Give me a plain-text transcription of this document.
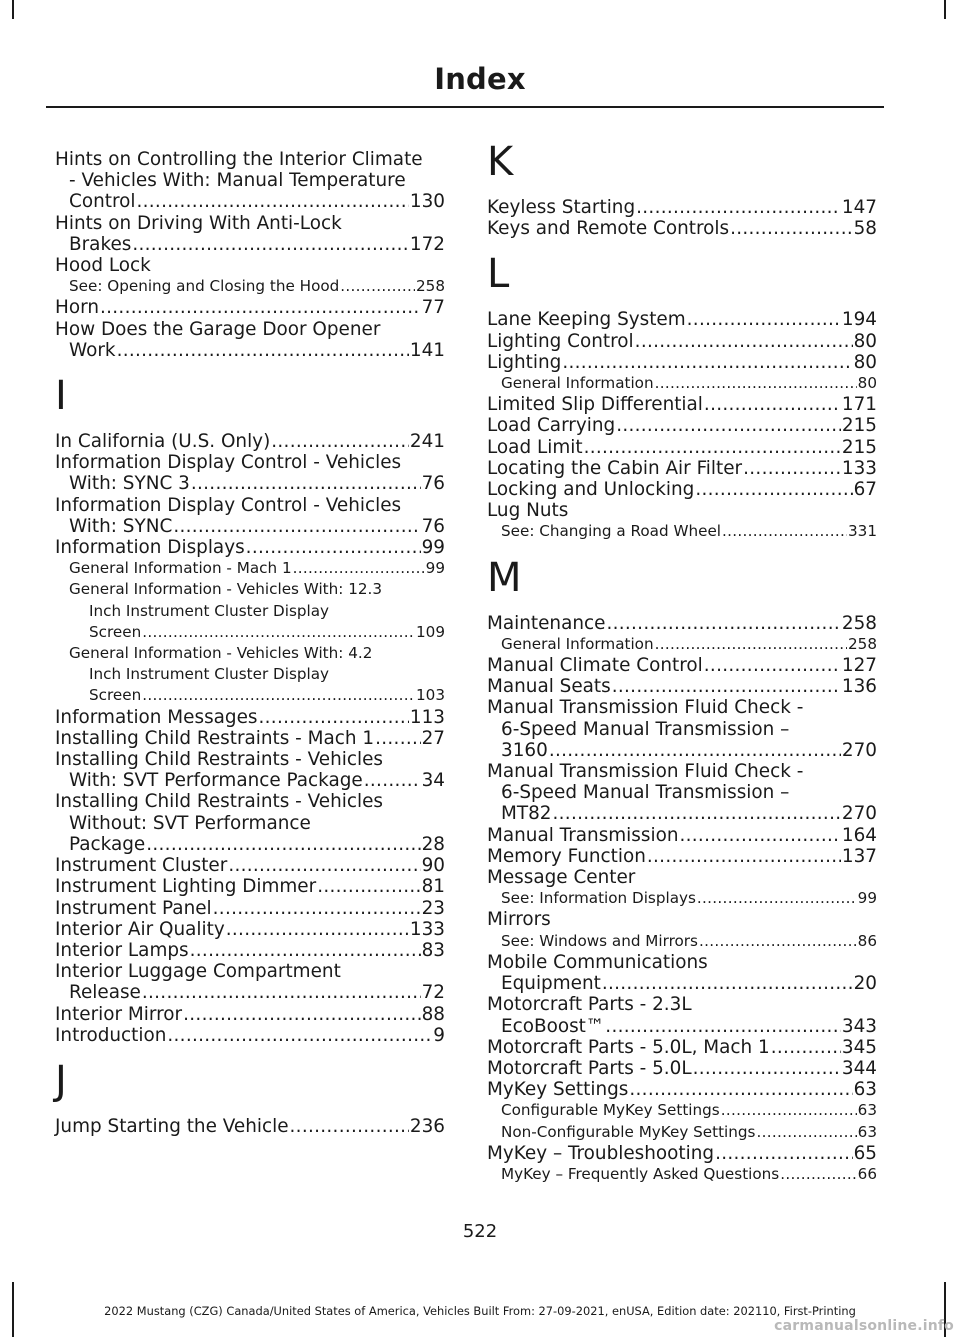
Index
Hints on Controlling the Interior Climate
- Vehicles With: Manual Temperature
Control .....	130
Hints on Driving With Anti-Lock
Brakes .....	172
Hood Lock
See: Opening and Closing the Hood .....	258
Horn .....	77
How Does the Garage Door Opener
Work .....	141
I
In California (U.S. Only) .....	241
Information Display Control - Vehicles
With: SYNC 3 .....	76
Information Display Control - Vehicles
With: SYNC .....	76
Information Displays .....	99
General Information - Mach 1 .....	99
General Information - Vehicles With: 12.3
Inch Instrument Cluster Display
Screen .....	109
General Information - Vehicles With: 4.2
Inch Instrument Cluster Display
Screen .....	103
Information Messages .....	113
Installing Child Restraints - Mach 1 .....	27
Installing Child Restraints - Vehicles
With: SVT Performance Package .....	34
Installing Child Restraints - Vehicles
Without: SVT Performance
Package .....	28
Instrument Cluster .....	90
Instrument Lighting Dimmer .....	81
Instrument Panel .....	23
Interior Air Quality .....	133
Interior Lamps .....	83
Interior Luggage Compartment
Release .....	72
Interior Mirror .....	88
Introduction .....	9
J
Jump Starting the Vehicle .....	236
K
Keyless Starting .....	147
Keys and Remote Controls .....	58
L
Lane Keeping System .....	194
Lighting Control .....	80
Lighting .....	80
General Information .....	80
Limited Slip Differential .....	171
Load Carrying .....	215
Load Limit .....	215
Locating the Cabin Air Filter .....	133
Locking and Unlocking .....	67
Lug Nuts
See: Changing a Road Wheel .....	331
M
Maintenance .....	258
General Information .....	258
Manual Climate Control .....	127
Manual Seats .....	136
Manual Transmission Fluid Check -
6-Speed Manual Transmission –
3160 .....	270
Manual Transmission Fluid Check -
6-Speed Manual Transmission –
MT82 .....	270
Manual Transmission .....	164
Memory Function .....	137
Message Center
See: Information Displays .....	99
Mirrors
See: Windows and Mirrors .....	86
Mobile Communications
Equipment .....	20
Motorcraft Parts - 2.3L
EcoBoost™ .....	343
Motorcraft Parts - 5.0L, Mach 1 .....	345
Motorcraft Parts - 5.0L .....	344
MyKey Settings .....	63
Configurable MyKey Settings .....	63
Non-Configurable MyKey Settings .....	63
MyKey – Troubleshooting .....	65
MyKey – Frequently Asked Questions .....	66
522
2022 Mustang (CZG) Canada/United States of America, Vehicles Built From: 27-09-2021, enUSA, Edition date: 202110, First-Printing
carmanualsonline.info
